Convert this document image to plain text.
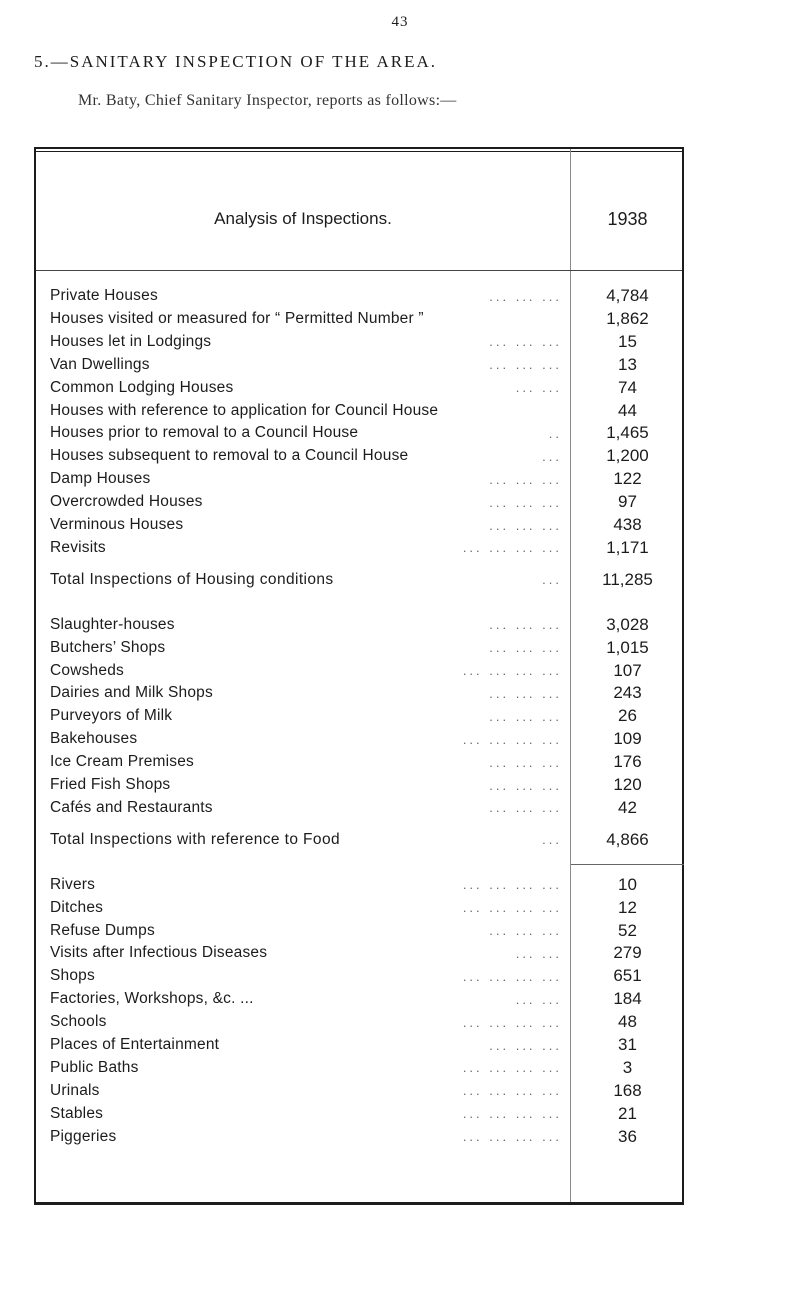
43
5.—SANITARY INSPECTION OF THE AREA.
Mr. Baty, Chief Sanitary Inspector, reports as follows:—
Analysis of Inspections.	1938
Private Houses	... ... ...	4,784
Houses visited or measured for “ Permitted Number ”	1,862
Houses let in Lodgings	... ... ...	15
Van Dwellings	... ... ...	13
Common Lodging Houses	... ...	74
Houses with reference to application for Council House	44
Houses prior to removal to a Council House	..	1,465
Houses subsequent to removal to a Council House	...	1,200
Damp Houses	... ... ...	122
Overcrowded Houses	... ... ...	97
Verminous Houses	... ... ...	438
Revisits	... ... ... ...	1,171
Total Inspections of Housing conditions	...	11,285
Slaughter-houses	... ... ...	3,028
Butchers’ Shops	... ... ...	1,015
Cowsheds	... ... ... ...	107
Dairies and Milk Shops	... ... ...	243
Purveyors of Milk	... ... ...	26
Bakehouses	... ... ... ...	109
Ice Cream Premises	... ... ...	176
Fried Fish Shops	... ... ...	120
Cafés and Restaurants	... ... ...	42
Total Inspections with reference to Food	...	4,866
Rivers	... ... ... ...	10
Ditches	... ... ... ...	12
Refuse Dumps	... ... ...	52
Visits after Infectious Diseases	... ...	279
Shops	... ... ... ...	651
Factories, Workshops, &c. ...	... ...	184
Schools	... ... ... ...	48
Places of Entertainment	... ... ...	31
Public Baths	... ... ... ...	3
Urinals	... ... ... ...	168
Stables	... ... ... ...	21
Piggeries	... ... ... ...	36
